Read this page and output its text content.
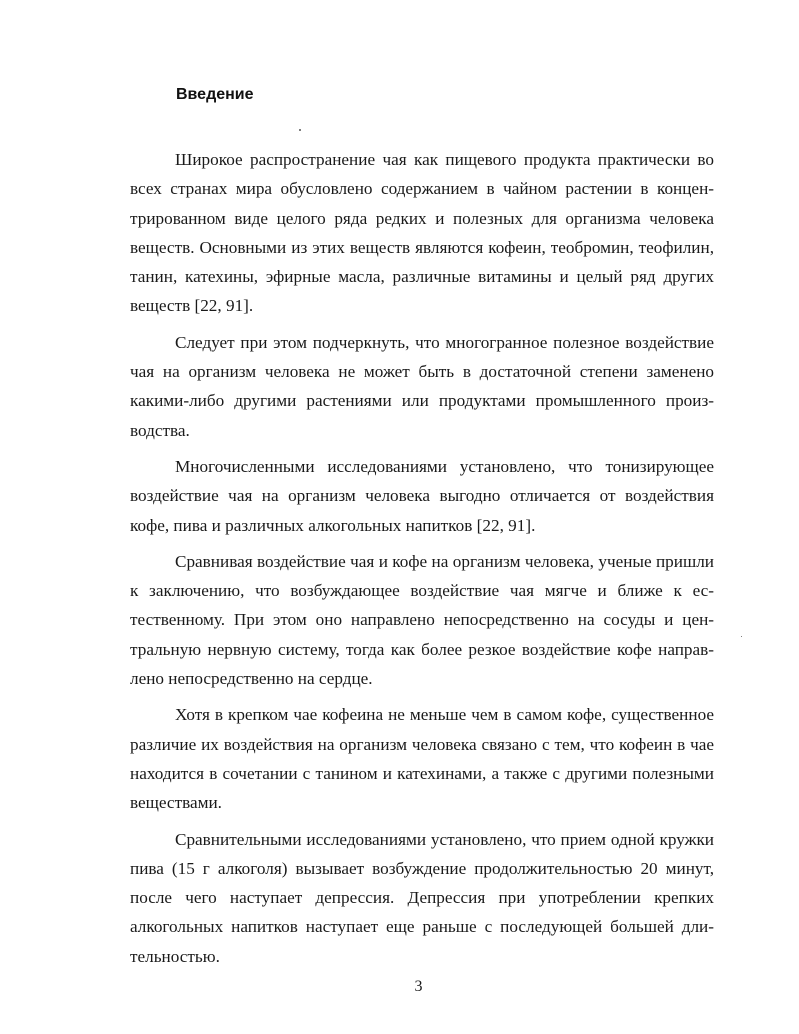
Введение

Широкое распространение чая как пищевого продукта практически во всех странах мира обусловлено содержанием в чайном растении в концентрированном виде целого ряда редких и полезных для организма человека веществ. Основными из этих веществ являются кофеин, теобромин, теофилин, танин, катехины, эфирные масла, различные витамины и целый ряд других веществ [22, 91].

Следует при этом подчеркнуть, что многогранное полезное воздействие чая на организм человека не может быть в достаточной степени заменено какими-либо другими растениями или продуктами промышленного производства.

Многочисленными исследованиями установлено, что тонизирующее воздействие чая на организм человека выгодно отличается от воздействия кофе, пива и различных алкогольных напитков [22, 91].

Сравнивая воздействие чая и кофе на организм человека, ученые пришли к заключению, что возбуждающее воздействие чая мягче и ближе к естественному. При этом оно направлено непосредственно на сосуды и центральную нервную систему, тогда как более резкое воздействие кофе направлено непосредственно на сердце.

Хотя в крепком чае кофеина не меньше чем в самом кофе, существенное различие их воздействия на организм человека связано с тем, что кофеин в чае находится в сочетании с танином и катехинами, а также с другими полезными веществами.

Сравнительными исследованиями установлено, что прием одной кружки пива (15 г алкоголя) вызывает возбуждение продолжительностью 20 минут, после чего наступает депрессия. Депрессия при употреблении крепких алкогольных напитков наступает еще раньше с последующей большей длительностью.

3
